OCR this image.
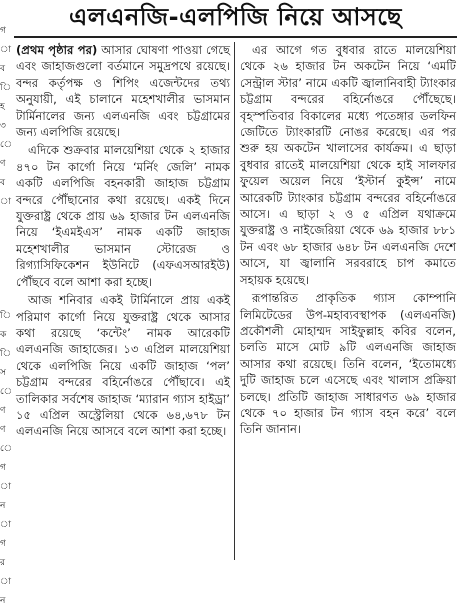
গ
া
ব
ি
হ
৩
ে
ণ
ব
া

ি
ক
ি
স
ে
ণ
ণ
ে
গ
া
ন
া
গ
র
া
ন
এলএনজি-এলপিজি নিয়ে আসছে

(প্রথম পৃষ্ঠার পর) আসার ঘোষণা পাওয়া গেছে এবং জাহাজগুলো বর্তমানে সমুদ্রপথে রয়েছে। বন্দর কর্তৃপক্ষ ও শিপিং এজেন্টদের তথ্য অনুযায়ী, এই চালানে মহেশখালীর ভাসমান টার্মিনালের জন্য এলএনজি এবং চট্টগ্রামের জন্য এলপিজি রয়েছে।

এদিকে শুক্রবার মালয়েশিয়া থেকে ২ হাজার ৪৭০ টন কার্গো নিয়ে ‘মর্নিং জেলি’ নামক একটি এলপিজি বহনকারী জাহাজ চট্টগ্রাম বন্দরে পৌঁছানোর কথা রয়েছে। একই দিনে যুক্তরাষ্ট্র থেকে প্রায় ৬৯ হাজার টন এলএনজি নিয়ে ‘ইএমইএস’ নামক একটি জাহাজ মহেশখালীর ভাসমান স্টোরেজ ও রিগ্যাসিফিকেশন ইউনিটে (এফএসআরইউ) পৌঁছবে বলে আশা করা হচ্ছে।

আজ শনিবার একই টার্মিনালে প্রায় একই পরিমাণ কার্গো নিয়ে যুক্তরাষ্ট্র থেকে আসার কথা রয়েছে ‘কন্টেং’ নামক আরেকটি এলএনজি জাহাজের। ১৩ এপ্রিল মালয়েশিয়া থেকে এলপিজি নিয়ে একটি জাহাজ ‘পল’ চট্টগ্রাম বন্দরের বহির্নোঙরে পৌঁছাবে। এই তালিকার সর্বশেষ জাহাজ ‘ম্যারান গ্যাস হাইড্রা’ ১৫ এপ্রিল অস্ট্রেলিয়া থেকে ৬৪,৬৭৮ টন এলএনজি নিয়ে আসবে বলে আশা করা হচ্ছে।

এর আগে গত বুধবার রাতে মালয়েশিয়া থেকে ২৬ হাজার টন অকটেন নিয়ে ‘এমটি সেন্ট্রাল স্টার’ নামে একটি জ্বালানিবাহী ট্যাংকার চট্টগ্রাম বন্দরের বহির্নোঙরে পৌঁছেছে। বৃহস্পতিবার বিকালের মধ্যে পতেঙ্গার ডলফিন জেটিতে ট্যাংকারটি নোঙর করেছে। এর পর শুরু হয় অকটেন খালাসের কার্যক্রম। এ ছাড়া বুধবার রাতেই মালয়েশিয়া থেকে হাই সালফার ফুয়েল অয়েল নিয়ে ‘ইস্টার্ন কুইন্স’ নামে আরেকটি ট্যাংকার চট্টগ্রাম বন্দরের বহির্নোঙরে আসে। এ ছাড়া ২ ও ৫ এপ্রিল যথাক্রমে যুক্তরাষ্ট্র ও নাইজেরিয়া থেকে ৬৯ হাজার ৮৮১ টন এবং ৬৮ হাজার ৬৪৮ টন এলএনজি দেশে আসে, যা জ্বালানি সরবরাহে চাপ কমাতে সহায়ক হয়েছে।

রূপান্তরিত প্রাকৃতিক গ্যাস কোম্পানি লিমিটেডের উপ-মহাব্যবস্থাপক (এলএনজি) প্রকৌশলী মোহাম্মদ সাইফুল্লাহ কবির বলেন, চলতি মাসে মোট ৯টি এলএনজি জাহাজ আসার কথা রয়েছে। তিনি বলেন, ‘ইতোমধ্যে দুটি জাহাজ চলে এসেছে এবং খালাস প্রক্রিয়া চলছে। প্রতিটি জাহাজ সাধারণত ৬৯ হাজার থেকে ৭০ হাজার টন গ্যাস বহন করে’ বলে তিনি জানান।
